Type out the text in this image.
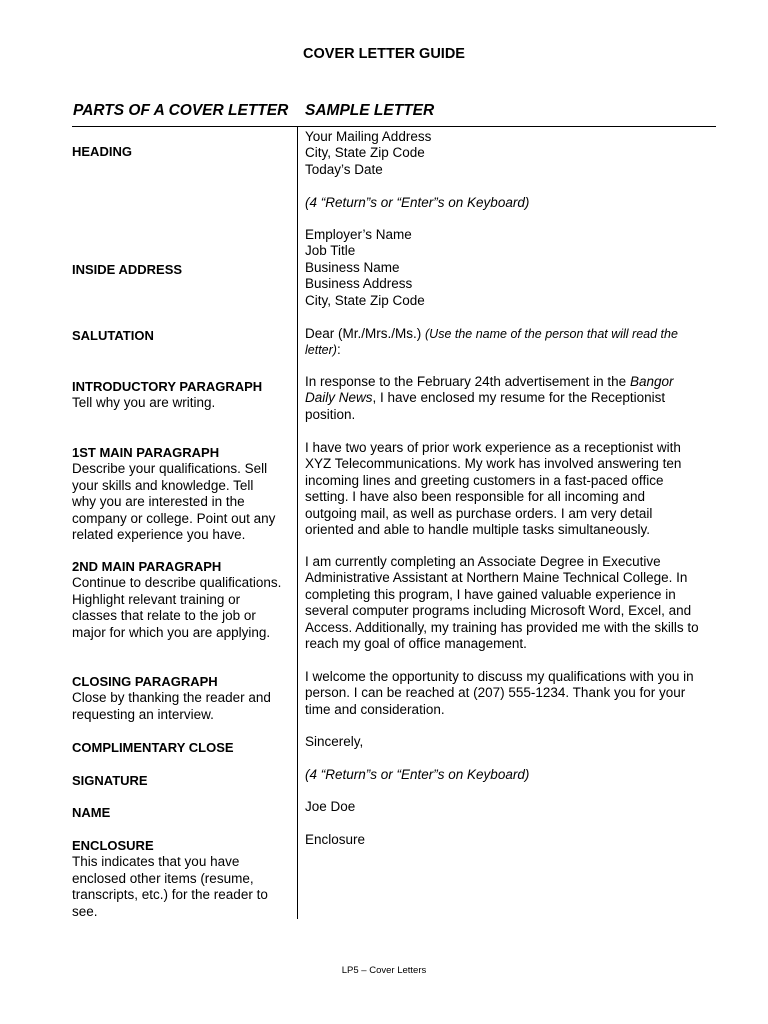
COVER LETTER GUIDE
PARTS OF A COVER LETTER SAMPLE LETTER
HEADING
INSIDE ADDRESS
SALUTATION
INTRODUCTORY PARAGRAPH
Tell why you are writing.
1ST MAIN PARAGRAPH
Describe your qualifications. Sell
your skills and knowledge. Tell
why you are interested in the
company or college. Point out any
related experience you have.
2ND MAIN PARAGRAPH
Continue to describe qualifications.
Highlight relevant training or
classes that relate to the job or
major for which you are applying.
CLOSING PARAGRAPH
Close by thanking the reader and
requesting an interview.
COMPLIMENTARY CLOSE
SIGNATURE
NAME
ENCLOSURE
This indicates that you have
enclosed other items (resume,
transcripts, etc.) for the reader to
see.
Your Mailing Address
City, State Zip Code
Today’s Date
(4 “Return”s or “Enter”s on Keyboard)
Employer’s Name
Job Title
Business Name
Business Address
City, State Zip Code
Dear (Mr./Mrs./Ms.) (Use the name of the person that will read the
letter):
In response to the February 24th advertisement in the Bangor
Daily News, I have enclosed my resume for the Receptionist
position.
I have two years of prior work experience as a receptionist with
XYZ Telecommunications. My work has involved answering ten
incoming lines and greeting customers in a fast-paced office
setting. I have also been responsible for all incoming and
outgoing mail, as well as purchase orders. I am very detail
oriented and able to handle multiple tasks simultaneously.
I am currently completing an Associate Degree in Executive
Administrative Assistant at Northern Maine Technical College. In
completing this program, I have gained valuable experience in
several computer programs including Microsoft Word, Excel, and
Access. Additionally, my training has provided me with the skills to
reach my goal of office management.
I welcome the opportunity to discuss my qualifications with you in
person. I can be reached at (207) 555-1234. Thank you for your
time and consideration.
Sincerely,
(4 “Return”s or “Enter”s on Keyboard)
Joe Doe
Enclosure
LP5 – Cover Letters
